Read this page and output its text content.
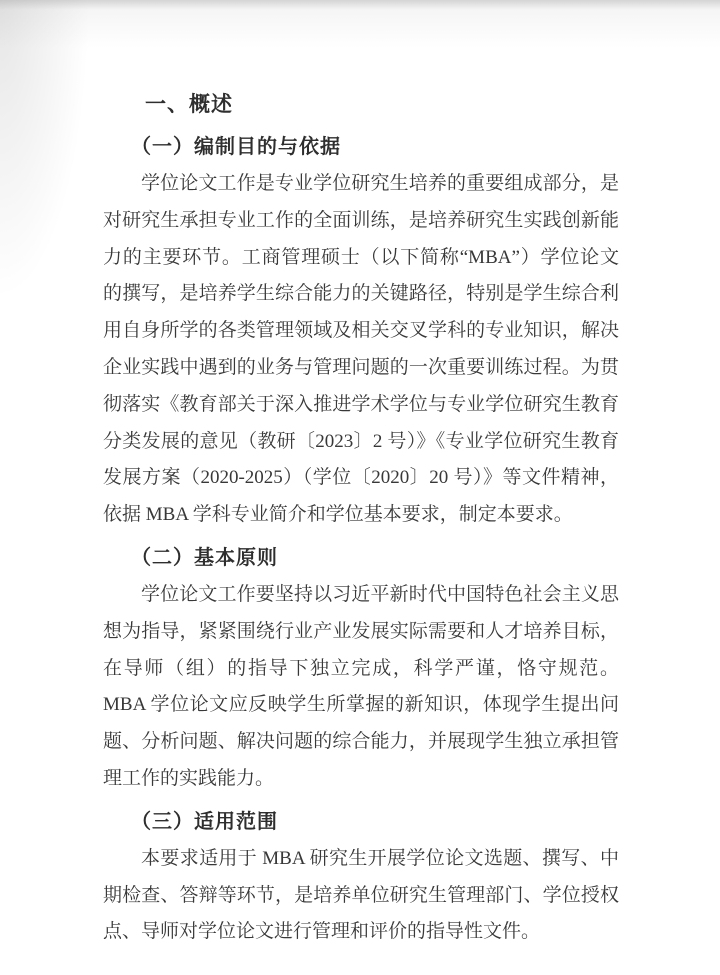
一、概述
（一）编制目的与依据

学位论文工作是专业学位研究生培养的重要组成部分，是对研究生承担专业工作的全面训练，是培养研究生实践创新能力的主要环节。工商管理硕士（以下简称“MBA”）学位论文的撰写，是培养学生综合能力的关键路径，特别是学生综合利用自身所学的各类管理领域及相关交叉学科的专业知识，解决企业实践中遇到的业务与管理问题的一次重要训练过程。为贯彻落实《教育部关于深入推进学术学位与专业学位研究生教育分类发展的意见（教研〔2023〕2 号）》《专业学位研究生教育发展方案（2020-2025）（学位〔2020〕20 号）》等文件精神，依据 MBA 学科专业简介和学位基本要求，制定本要求。

（二）基本原则

学位论文工作要坚持以习近平新时代中国特色社会主义思想为指导，紧紧围绕行业产业发展实际需要和人才培养目标，在导师（组）的指导下独立完成，科学严谨，恪守规范。MBA 学位论文应反映学生所掌握的新知识，体现学生提出问题、分析问题、解决问题的综合能力，并展现学生独立承担管理工作的实践能力。

（三）适用范围

本要求适用于 MBA 研究生开展学位论文选题、撰写、中期检查、答辩等环节，是培养单位研究生管理部门、学位授权点、导师对学位论文进行管理和评价的指导性文件。
